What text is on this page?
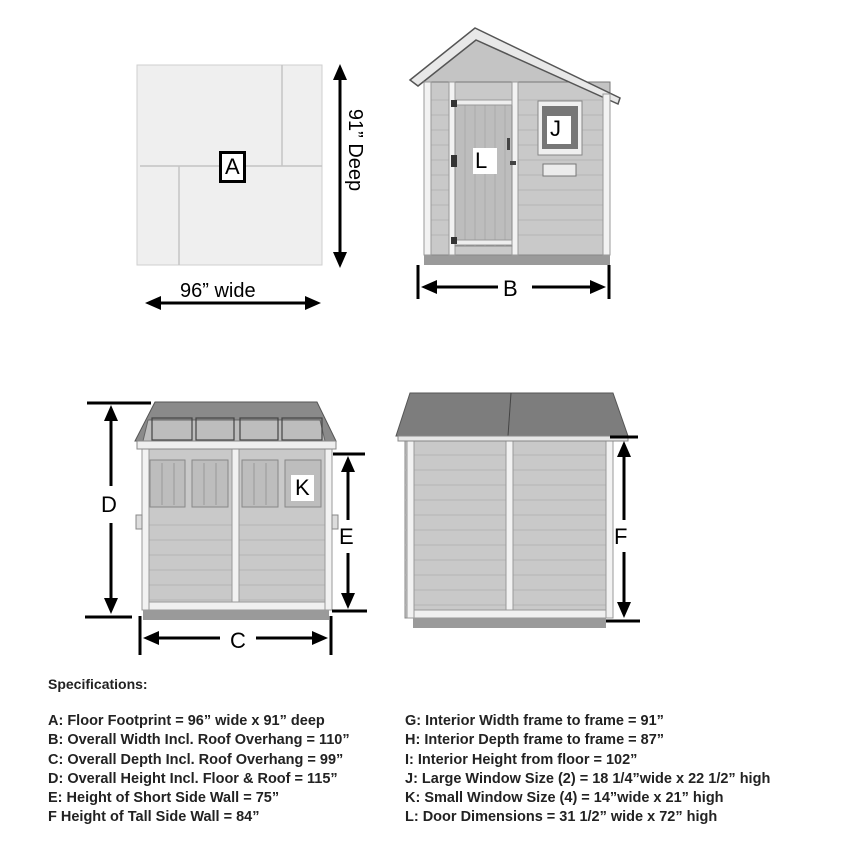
A	91” Deep
96” wide
J
L
B
K
D
E
C
F
Specifications:
A: Floor Footprint = 96” wide x 91” deep
B: Overall Width Incl. Roof Overhang = 110”
C: Overall Depth Incl. Roof Overhang = 99”
D: Overall Height Incl. Floor & Roof = 115”
E: Height of Short Side Wall = 75”
F Height of Tall Side Wall = 84”
G: Interior Width frame to frame = 91”
H: Interior Depth frame to frame = 87”
I: Interior Height from floor = 102”
J: Large Window Size (2) = 18 1/4”wide x 22 1/2” high
K: Small Window Size (4) = 14”wide x 21” high
L: Door Dimensions = 31 1/2” wide x 72” high
